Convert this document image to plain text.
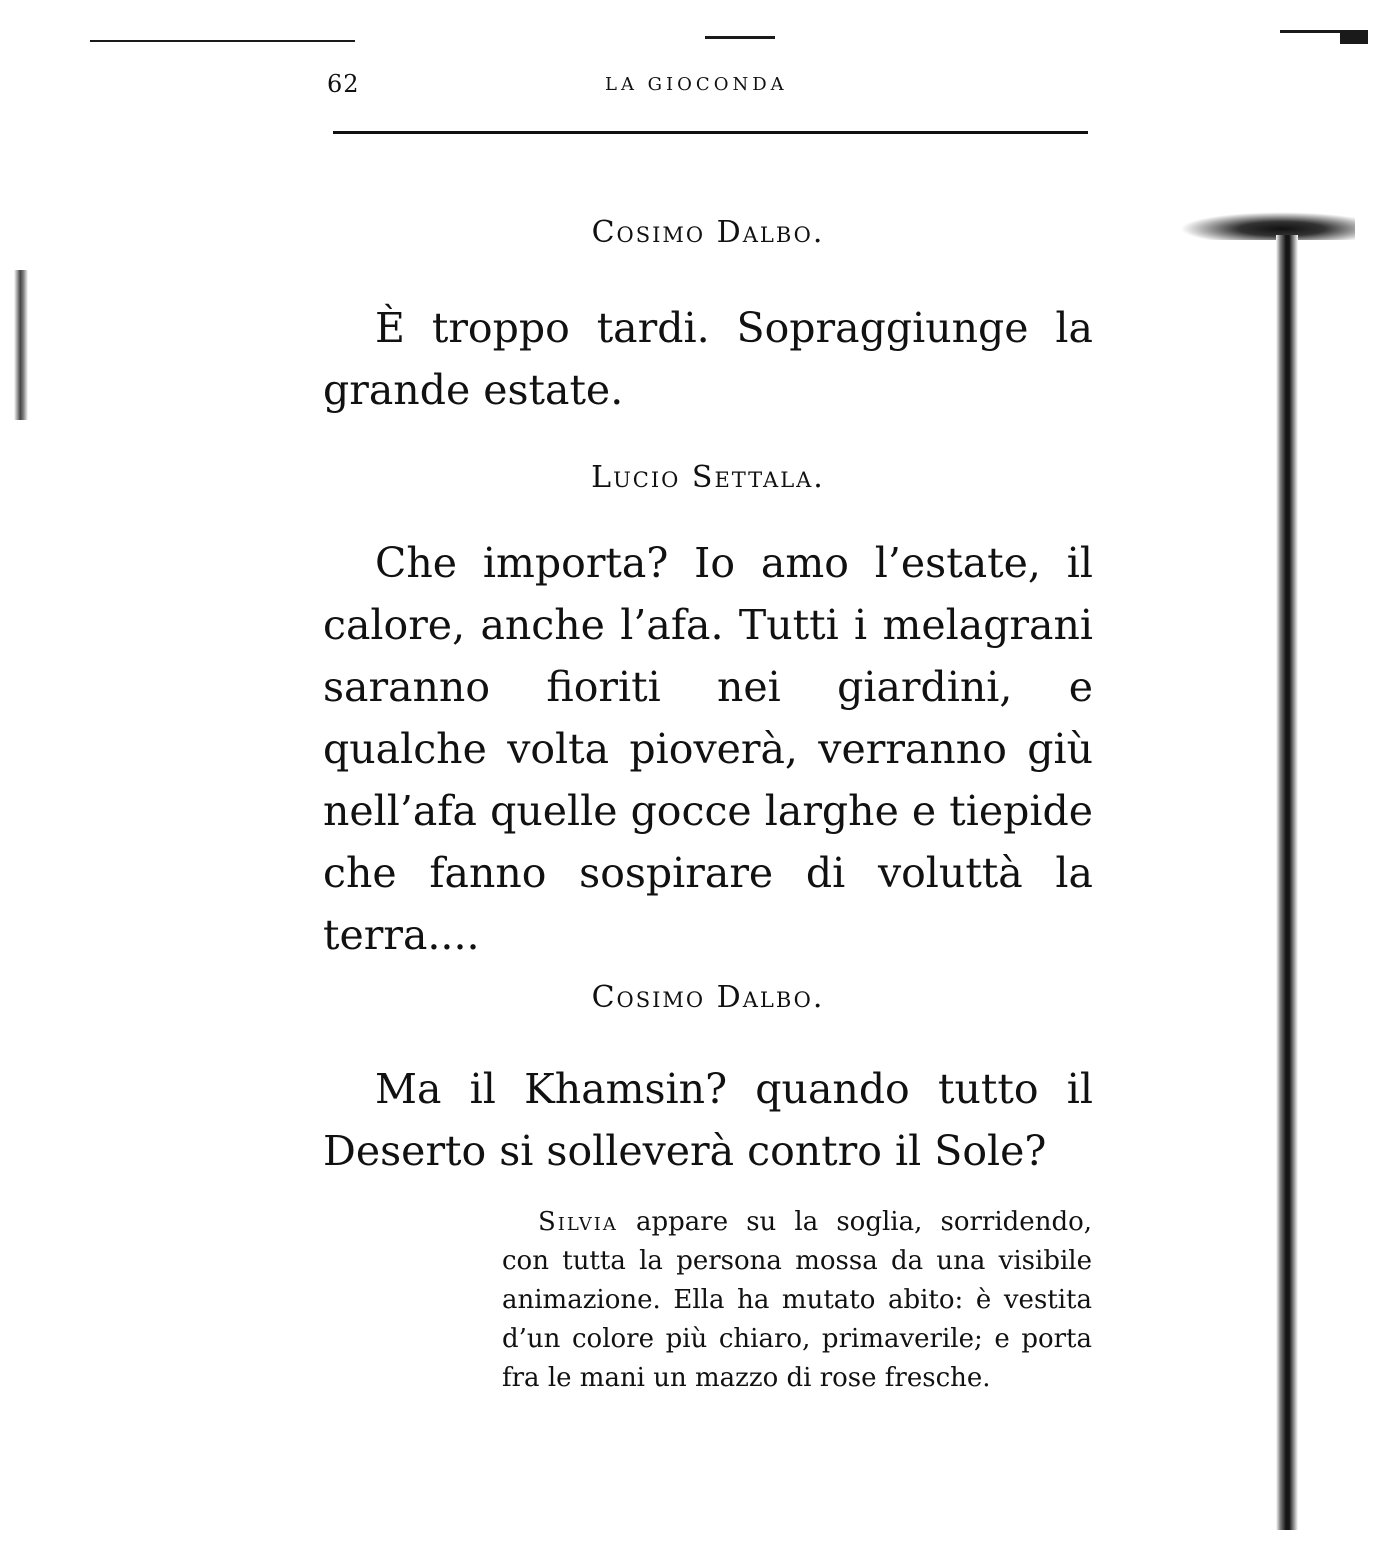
62	LA GIOCONDA
Cosimo Dalbo.

È troppo tardi. Sopraggiunge la grande estate.

Lucio Settala.

Che importa? Io amo l’estate, il calore, anche l’afa. Tutti i melagrani saranno fioriti nei giardini, e qualche volta pioverà, verranno giù nell’afa quelle gocce larghe e tiepide che fanno sospirare di voluttà la terra....

Cosimo Dalbo.

Ma il Khamsin? quando tutto il Deserto si solleverà contro il Sole?

Silvia appare su la soglia, sorridendo, con tutta la persona mossa da una visibile animazione. Ella ha mutato abito: è vestita d’un colore più chiaro, primaverile; e porta fra le mani un mazzo di rose fresche.
